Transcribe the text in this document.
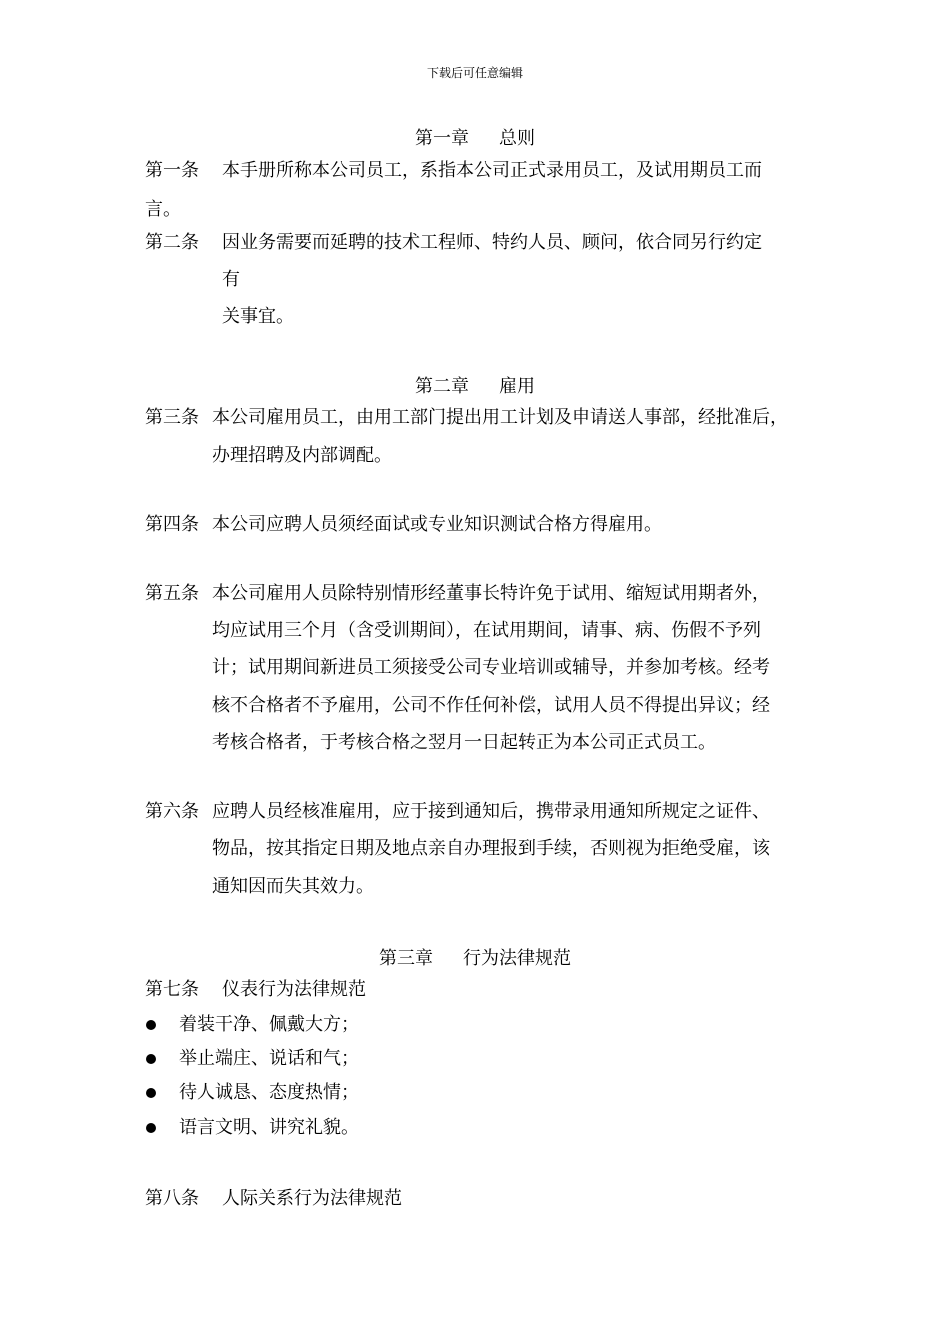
下载后可任意编辑
第一章 总则
第一条 本手册所称本公司员工，系指本公司正式录用员工，及试用期员工而
言。
第二条 因业务需要而延聘的技术工程师、特约人员、顾问，依合同另行约定
有
关事宜。
第二章 雇用
第三条 本公司雇用员工，由用工部门提出用工计划及申请送人事部，经批准后，
办理招聘及内部调配。
第四条 本公司应聘人员须经面试或专业知识测试合格方得雇用。
第五条 本公司雇用人员除特别情形经董事长特许免于试用、缩短试用期者外，
均应试用三个月（含受训期间），在试用期间，请事、病、伤假不予列
计；试用期间新进员工须接受公司专业培训或辅导，并参加考核。经考
核不合格者不予雇用，公司不作任何补偿，试用人员不得提出异议；经
考核合格者，于考核合格之翌月一日起转正为本公司正式员工。
第六条 应聘人员经核准雇用，应于接到通知后，携带录用通知所规定之证件、
物品，按其指定日期及地点亲自办理报到手续，否则视为拒绝受雇，该
通知因而失其效力。
第三章 行为法律规范
第七条 仪表行为法律规范
着装干净、佩戴大方；
举止端庄、说话和气；
待人诚恳、态度热情；
语言文明、讲究礼貌。
第八条 人际关系行为法律规范
